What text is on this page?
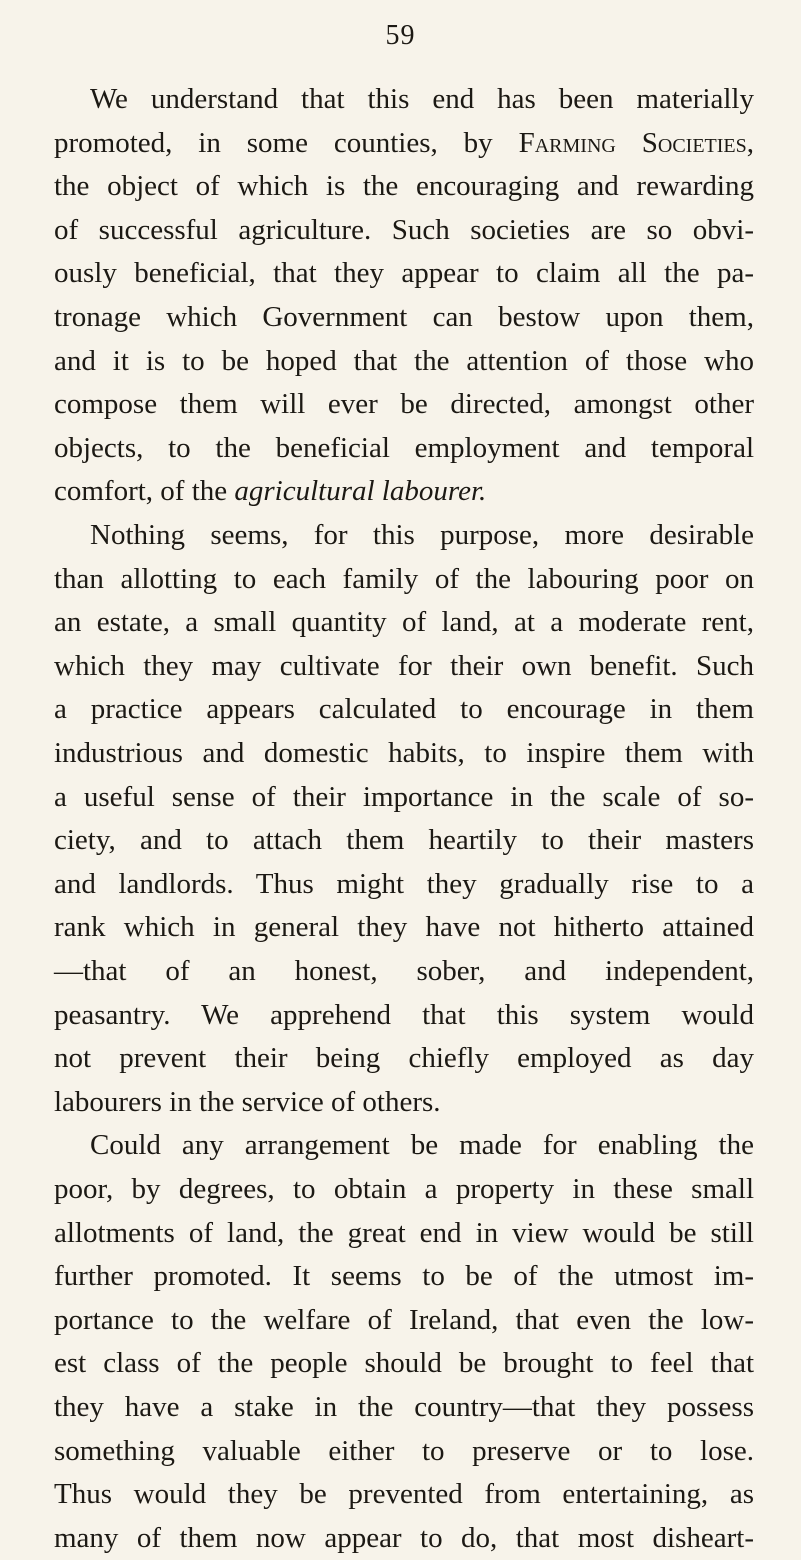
59
We understand that this end has been materially
promoted, in some counties, by Farming Societies,
the object of which is the encouraging and rewarding
of successful agriculture. Such societies are so obvi-
ously beneficial, that they appear to claim all the pa-
tronage which Government can bestow upon them,
and it is to be hoped that the attention of those who
compose them will ever be directed, amongst other
objects, to the beneficial employment and temporal
comfort, of the agricultural labourer.
Nothing seems, for this purpose, more desirable
than allotting to each family of the labouring poor on
an estate, a small quantity of land, at a moderate rent,
which they may cultivate for their own benefit. Such
a practice appears calculated to encourage in them
industrious and domestic habits, to inspire them with
a useful sense of their importance in the scale of so-
ciety, and to attach them heartily to their masters
and landlords. Thus might they gradually rise to a
rank which in general they have not hitherto attained
—that of an honest, sober, and independent,
peasantry. We apprehend that this system would
not prevent their being chiefly employed as day
labourers in the service of others.
Could any arrangement be made for enabling the
poor, by degrees, to obtain a property in these small
allotments of land, the great end in view would be still
further promoted. It seems to be of the utmost im-
portance to the welfare of Ireland, that even the low-
est class of the people should be brought to feel that
they have a stake in the country—that they possess
something valuable either to preserve or to lose.
Thus would they be prevented from entertaining, as
many of them now appear to do, that most disheart-
